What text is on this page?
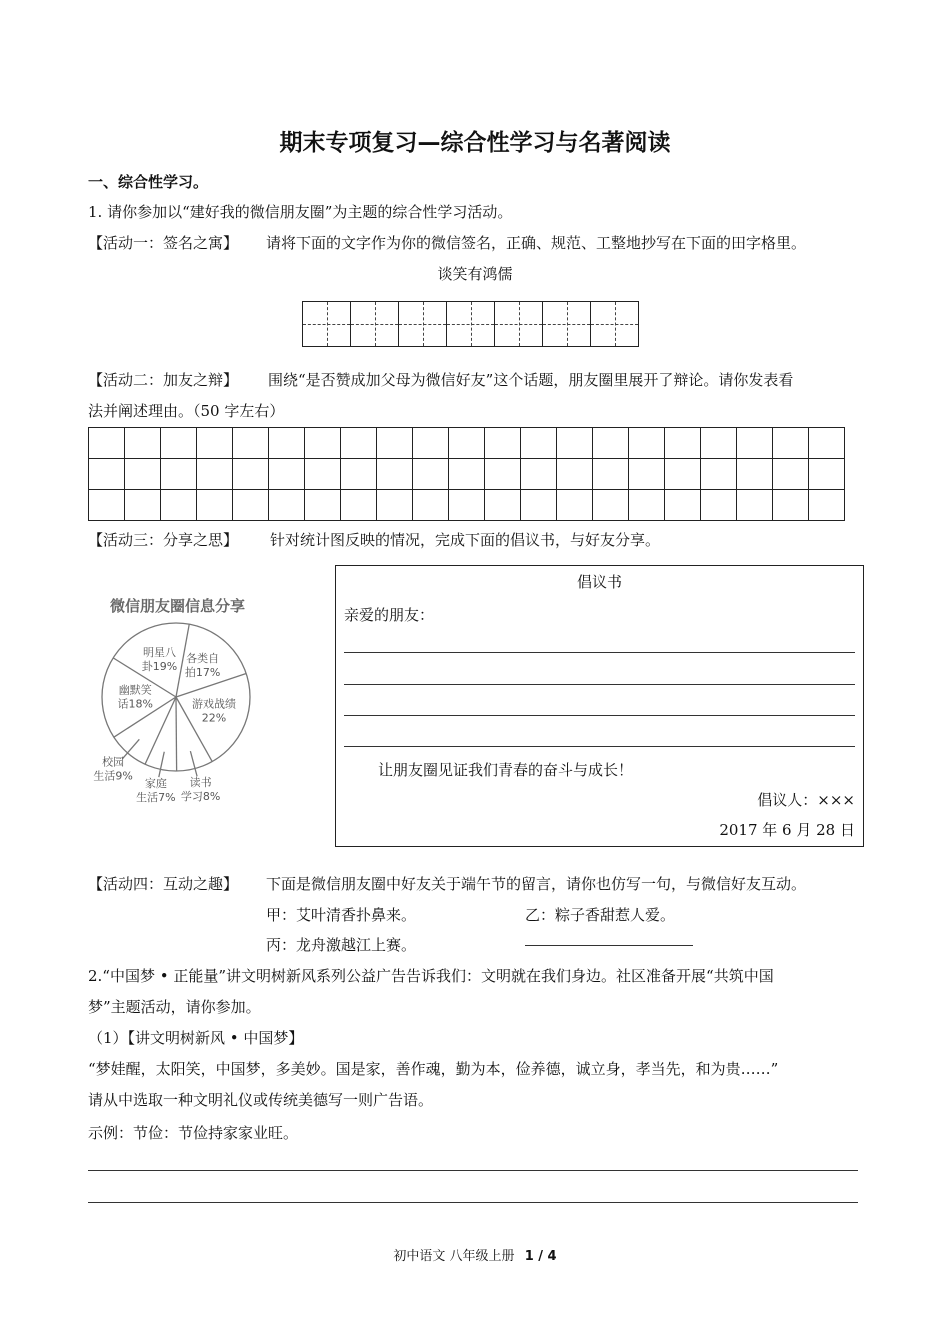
期末专项复习—综合性学习与名著阅读
一、综合性学习。
1. 请你参加以“建好我的微信朋友圈”为主题的综合性学习活动。
【活动一：签名之寓】 请将下面的文字作为你的微信签名，正确、规范、工整地抄写在下面的田字格里。
谈笑有鸿儒
【活动二：加友之辩】 围绕“是否赞成加父母为微信好友”这个话题，朋友圈里展开了辩论。请你发表看
法并阐述理由。（50 字左右）

【活动三：分享之思】 针对统计图反映的情况，完成下面的倡议书，与好友分享。
微信朋友圈信息分享
各类自
拍17%
游戏战绩
22%
读书
学习8%
家庭
生活7%
校园
生活9%
幽默笑
话18%
明星八
卦19%
倡议书
亲爱的朋友：
让朋友圈见证我们青春的奋斗与成长！
倡议人：×××
2017 年 6 月 28 日
【活动四：互动之趣】 下面是微信朋友圈中好友关于端午节的留言，请你也仿写一句，与微信好友互动。
甲：艾叶清香扑鼻来。	乙：粽子香甜惹人爱。
丙：龙舟激越江上赛。
2.“中国梦 • 正能量”讲文明树新风系列公益广告告诉我们：文明就在我们身边。社区准备开展“共筑中国
梦”主题活动，请你参加。
（1）【讲文明树新风 • 中国梦】
“梦娃醒，太阳笑，中国梦，多美妙。国是家，善作魂，勤为本，俭养德，诚立身，孝当先，和为贵……”
请从中选取一种文明礼仪或传统美德写一则广告语。
示例：节俭：节俭持家家业旺。
初中语文 八年级上册 1 / 4
